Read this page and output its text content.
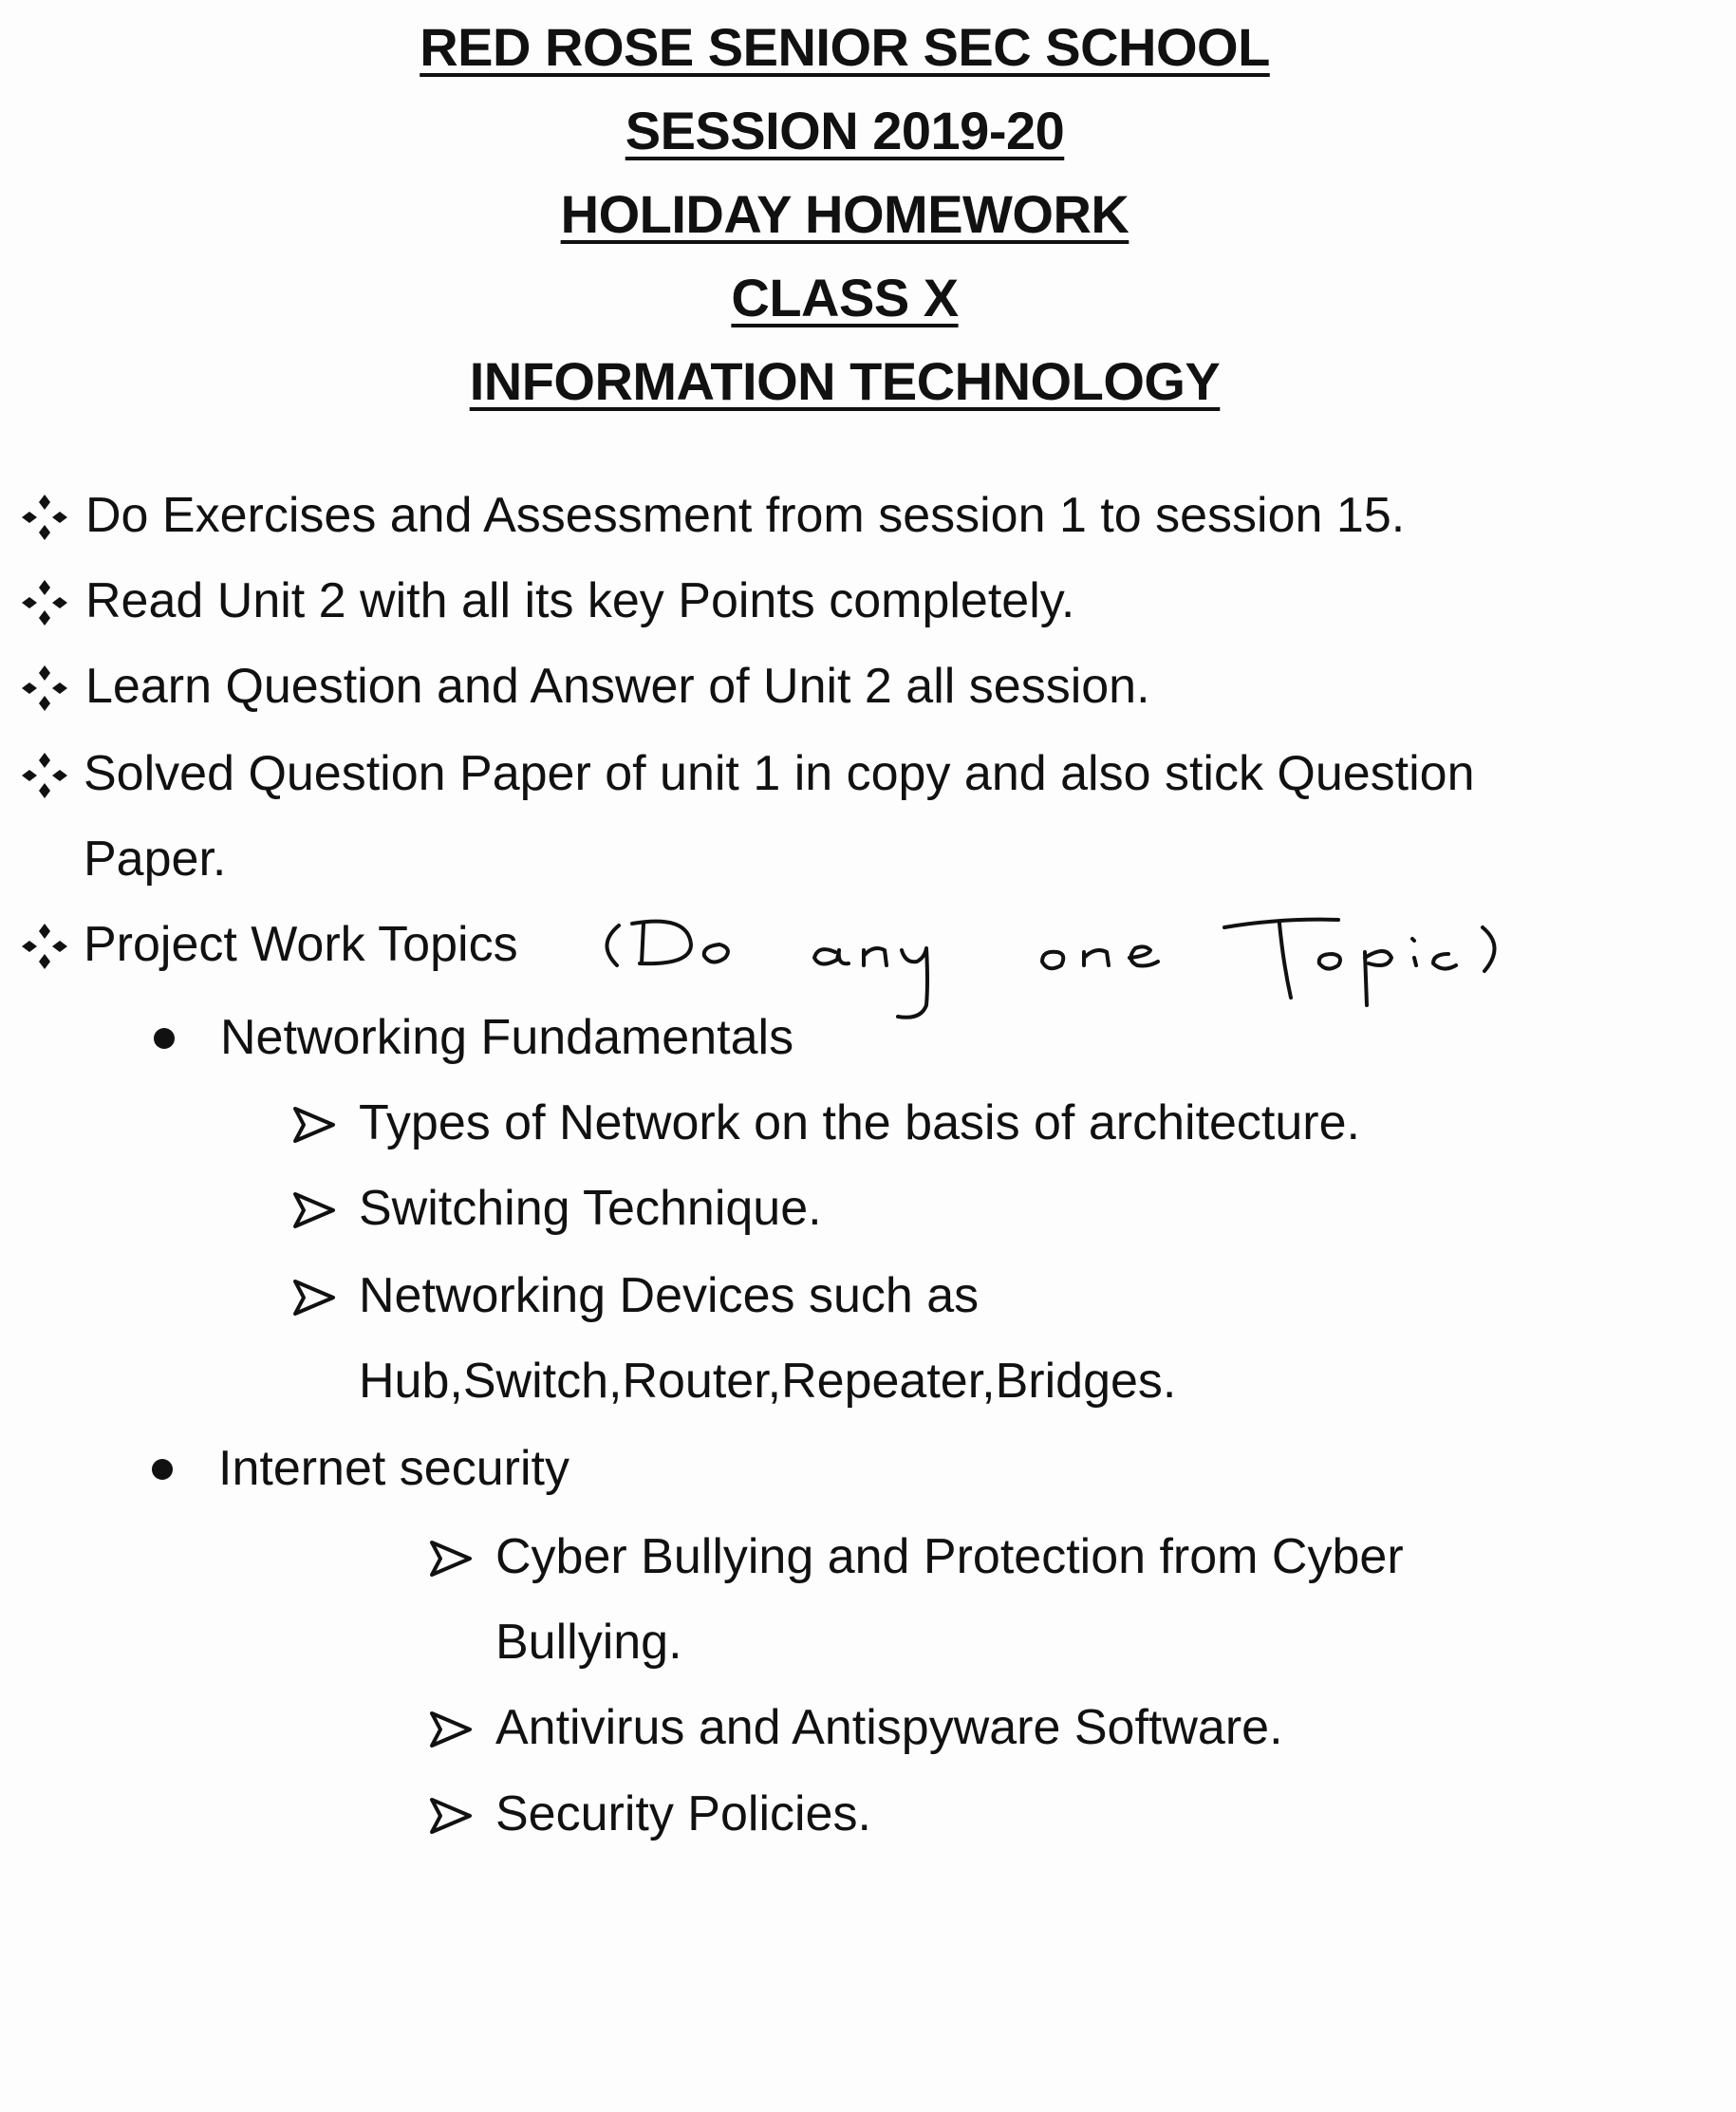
RED ROSE SENIOR SEC SCHOOL
SESSION 2019-20
HOLIDAY HOMEWORK
CLASS X
INFORMATION TECHNOLOGY
Do Exercises and Assessment from session 1 to session 15.
Read Unit 2 with all its key Points completely.
Learn Question and Answer of Unit 2 all session.
Solved Question Paper of unit 1 in copy and also stick Question
Paper.
Project Work Topics
Networking Fundamentals
Types of Network on the basis of architecture.
Switching Technique.
Networking Devices such as
Hub,Switch,Router,Repeater,Bridges.
Internet security
Cyber Bullying and Protection from Cyber
Bullying.
Antivirus and Antispyware Software.
Security Policies.
